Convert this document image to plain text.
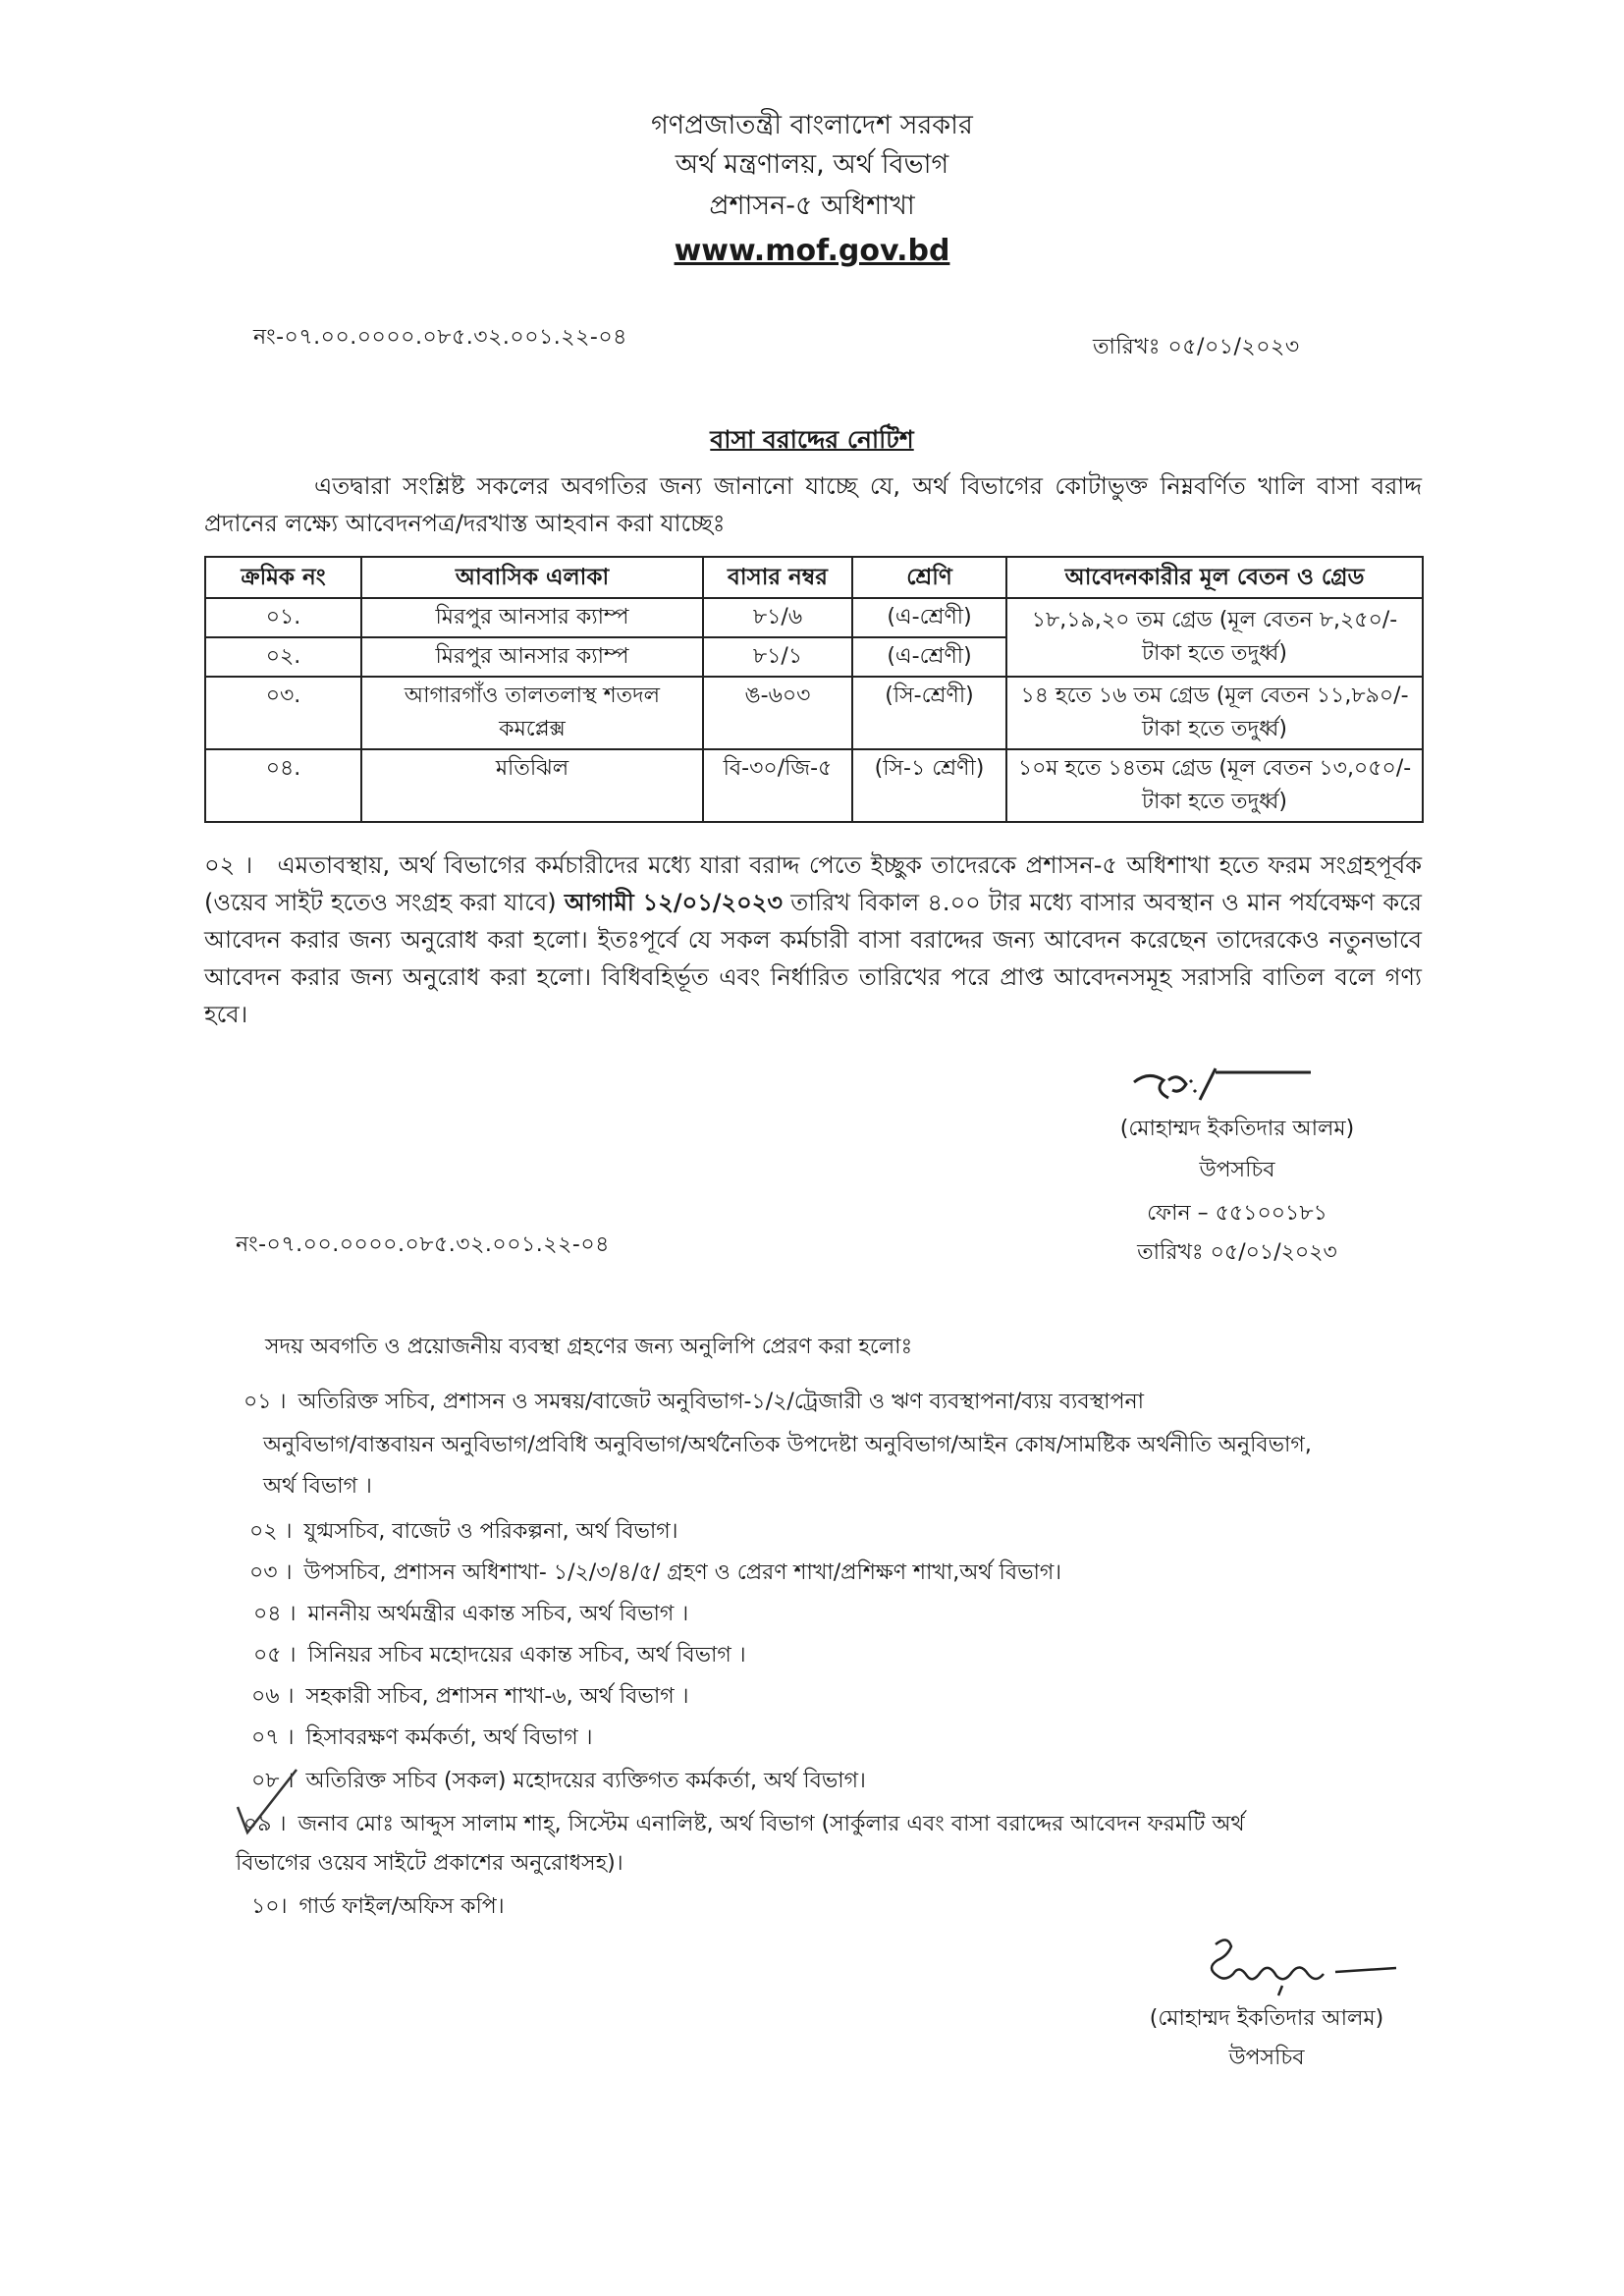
গণপ্রজাতন্ত্রী বাংলাদেশ সরকার
অর্থ মন্ত্রণালয়, অর্থ বিভাগ
প্রশাসন-৫ অধিশাখা
www.mof.gov.bd
নং-০৭.০০.০০০০.০৮৫.৩২.০০১.২২-০৪	তারিখঃ ০৫/০১/২০২৩
বাসা বরাদ্দের নোটিশ
এতদ্বারা সংশ্লিষ্ট সকলের অবগতির জন্য জানানো যাচ্ছে যে, অর্থ বিভাগের কোটাভুক্ত নিম্নবর্ণিত খালি বাসা বরাদ্দ প্রদানের লক্ষ্যে আবেদনপত্র/দরখাস্ত আহবান করা যাচ্ছেঃ
ক্রমিক নং	আবাসিক এলাকা	বাসার নম্বর	শ্রেণি	আবেদনকারীর মূল বেতন ও গ্রেড
০১.	মিরপুর আনসার ক্যাম্প	৮১/৬	(এ-শ্রেণী)	১৮,১৯,২০ তম গ্রেড (মূল বেতন ৮,২৫০/- টাকা হতে তদুর্ধ্ব)
০২.	মিরপুর আনসার ক্যাম্প	৮১/১	(এ-শ্রেণী)	
০৩.	আগারগাঁও তালতলাস্থ শতদল কমপ্লেক্স	ঙ-৬০৩	(সি-শ্রেণী)	১৪ হতে ১৬ তম গ্রেড (মূল বেতন ১১,৮৯০/- টাকা হতে তদুর্ধ্ব)
০৪.	মতিঝিল	বি-৩০/জি-৫	(সি-১ শ্রেণী)	১০ম হতে ১৪তম গ্রেড (মূল বেতন ১৩,০৫০/- টাকা হতে তদুর্ধ্ব)
০২ । এমতাবস্থায়, অর্থ বিভাগের কর্মচারীদের মধ্যে যারা বরাদ্দ পেতে ইচ্ছুক তাদেরকে প্রশাসন-৫ অধিশাখা হতে ফরম সংগ্রহপূর্বক (ওয়েব সাইট হতেও সংগ্রহ করা যাবে) আগামী ১২/০১/২০২৩ তারিখ বিকাল ৪.০০ টার মধ্যে বাসার অবস্থান ও মান পর্যবেক্ষণ করে আবেদন করার জন্য অনুরোধ করা হলো। ইতঃপূর্বে যে সকল কর্মচারী বাসা বরাদ্দের জন্য আবেদন করেছেন তাদেরকেও নতুনভাবে আবেদন করার জন্য অনুরোধ করা হলো। বিধিবহির্ভূত এবং নির্ধারিত তারিখের পরে প্রাপ্ত আবেদনসমূহ সরাসরি বাতিল বলে গণ্য হবে।
(মোহাম্মদ ইকতিদার আলম)
উপসচিব
ফোন – ৫৫১০০১৮১
তারিখঃ ০৫/০১/২০২৩
নং-০৭.০০.০০০০.০৮৫.৩২.০০১.২২-০৪
সদয় অবগতি ও প্রয়োজনীয় ব্যবস্থা গ্রহণের জন্য অনুলিপি প্রেরণ করা হলোঃ
০১ । অতিরিক্ত সচিব, প্রশাসন ও সমন্বয়/বাজেট অনুবিভাগ-১/২/ট্রেজারী ও ঋণ ব্যবস্থাপনা/ব্যয় ব্যবস্থাপনা
অনুবিভাগ/বাস্তবায়ন অনুবিভাগ/প্রবিধি অনুবিভাগ/অর্থনৈতিক উপদেষ্টা অনুবিভাগ/আইন কোষ/সামষ্টিক অর্থনীতি অনুবিভাগ,
অর্থ বিভাগ ।
০২ । যুগ্মসচিব, বাজেট ও পরিকল্পনা, অর্থ বিভাগ।
০৩ । উপসচিব, প্রশাসন অধিশাখা- ১/২/৩/৪/৫/ গ্রহণ ও প্রেরণ শাখা/প্রশিক্ষণ শাখা,অর্থ বিভাগ।
০৪ । মাননীয় অর্থমন্ত্রীর একান্ত সচিব, অর্থ বিভাগ ।
০৫ । সিনিয়র সচিব মহোদয়ের একান্ত সচিব, অর্থ বিভাগ ।
০৬ । সহকারী সচিব, প্রশাসন শাখা-৬, অর্থ বিভাগ ।
০৭ । হিসাবরক্ষণ কর্মকর্তা, অর্থ বিভাগ ।
০৮ । অতিরিক্ত সচিব (সকল) মহোদয়ের ব্যক্তিগত কর্মকর্তা, অর্থ বিভাগ।
০৯ । জনাব মোঃ আব্দুস সালাম শাহ্, সিস্টেম এনালিষ্ট, অর্থ বিভাগ (সার্কুলার এবং বাসা বরাদ্দের আবেদন ফরমটি অর্থ
বিভাগের ওয়েব সাইটে প্রকাশের অনুরোধসহ)।
১০। গার্ড ফাইল/অফিস কপি।
(মোহাম্মদ ইকতিদার আলম)
উপসচিব
